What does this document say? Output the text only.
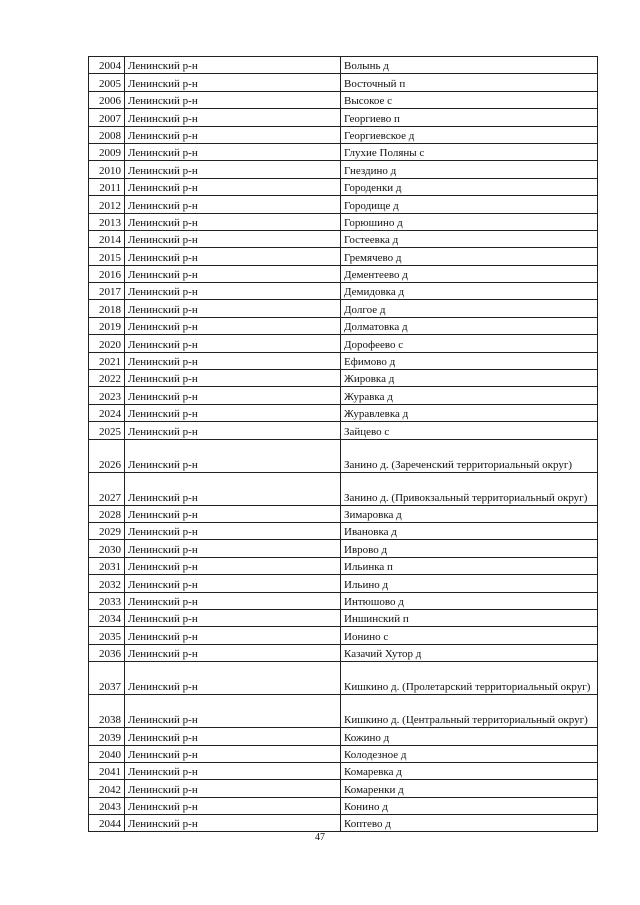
2004	Ленинский р-н	Волынь д
2005	Ленинский р-н	Восточный п
2006	Ленинский р-н	Высокое с
2007	Ленинский р-н	Георгиево п
2008	Ленинский р-н	Георгиевское д
2009	Ленинский р-н	Глухие Поляны с
2010	Ленинский р-н	Гнездино д
2011	Ленинский р-н	Городенки д
2012	Ленинский р-н	Городище д
2013	Ленинский р-н	Горюшино д
2014	Ленинский р-н	Гостеевка д
2015	Ленинский р-н	Гремячево д
2016	Ленинский р-н	Дементеево д
2017	Ленинский р-н	Демидовка д
2018	Ленинский р-н	Долгое д
2019	Ленинский р-н	Долматовка д
2020	Ленинский р-н	Дорофеево с
2021	Ленинский р-н	Ефимово д
2022	Ленинский р-н	Жировка д
2023	Ленинский р-н	Журавка д
2024	Ленинский р-н	Журавлевка д
2025	Ленинский р-н	Зайцево с
2026	Ленинский р-н	Занино д. (Зареченский территориальный округ)
2027	Ленинский р-н	Занино д. (Привокзальный территориальный округ)
2028	Ленинский р-н	Зимаровка д
2029	Ленинский р-н	Ивановка д
2030	Ленинский р-н	Иврово д
2031	Ленинский р-н	Ильинка п
2032	Ленинский р-н	Ильино д
2033	Ленинский р-н	Интюшово д
2034	Ленинский р-н	Иншинский п
2035	Ленинский р-н	Ионино с
2036	Ленинский р-н	Казачий Хутор д
2037	Ленинский р-н	Кишкино д. (Пролетарский территориальный округ)
2038	Ленинский р-н	Кишкино д. (Центральный территориальный округ)
2039	Ленинский р-н	Кожино д
2040	Ленинский р-н	Колодезное д
2041	Ленинский р-н	Комаревка д
2042	Ленинский р-н	Комаренки д
2043	Ленинский р-н	Конино д
2044	Ленинский р-н	Коптево д
47
